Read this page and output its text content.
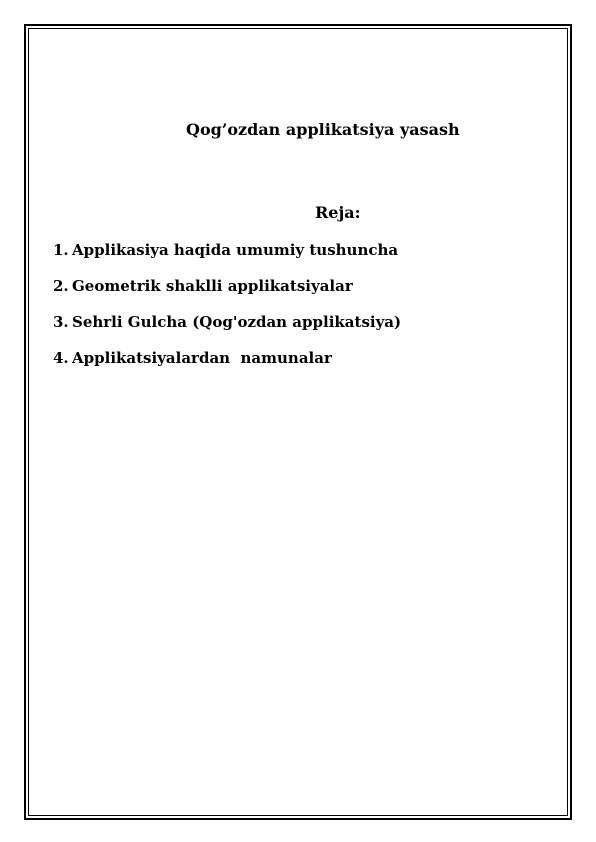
Qog’ozdan applikatsiya yasash
Reja:
1. Applikasiya haqida umumiy tushuncha
2. Geometrik shaklli applikatsiyalar
3. Sehrli Gulcha (Qog'ozdan applikatsiya)
4. Applikatsiyalardan  namunalar
